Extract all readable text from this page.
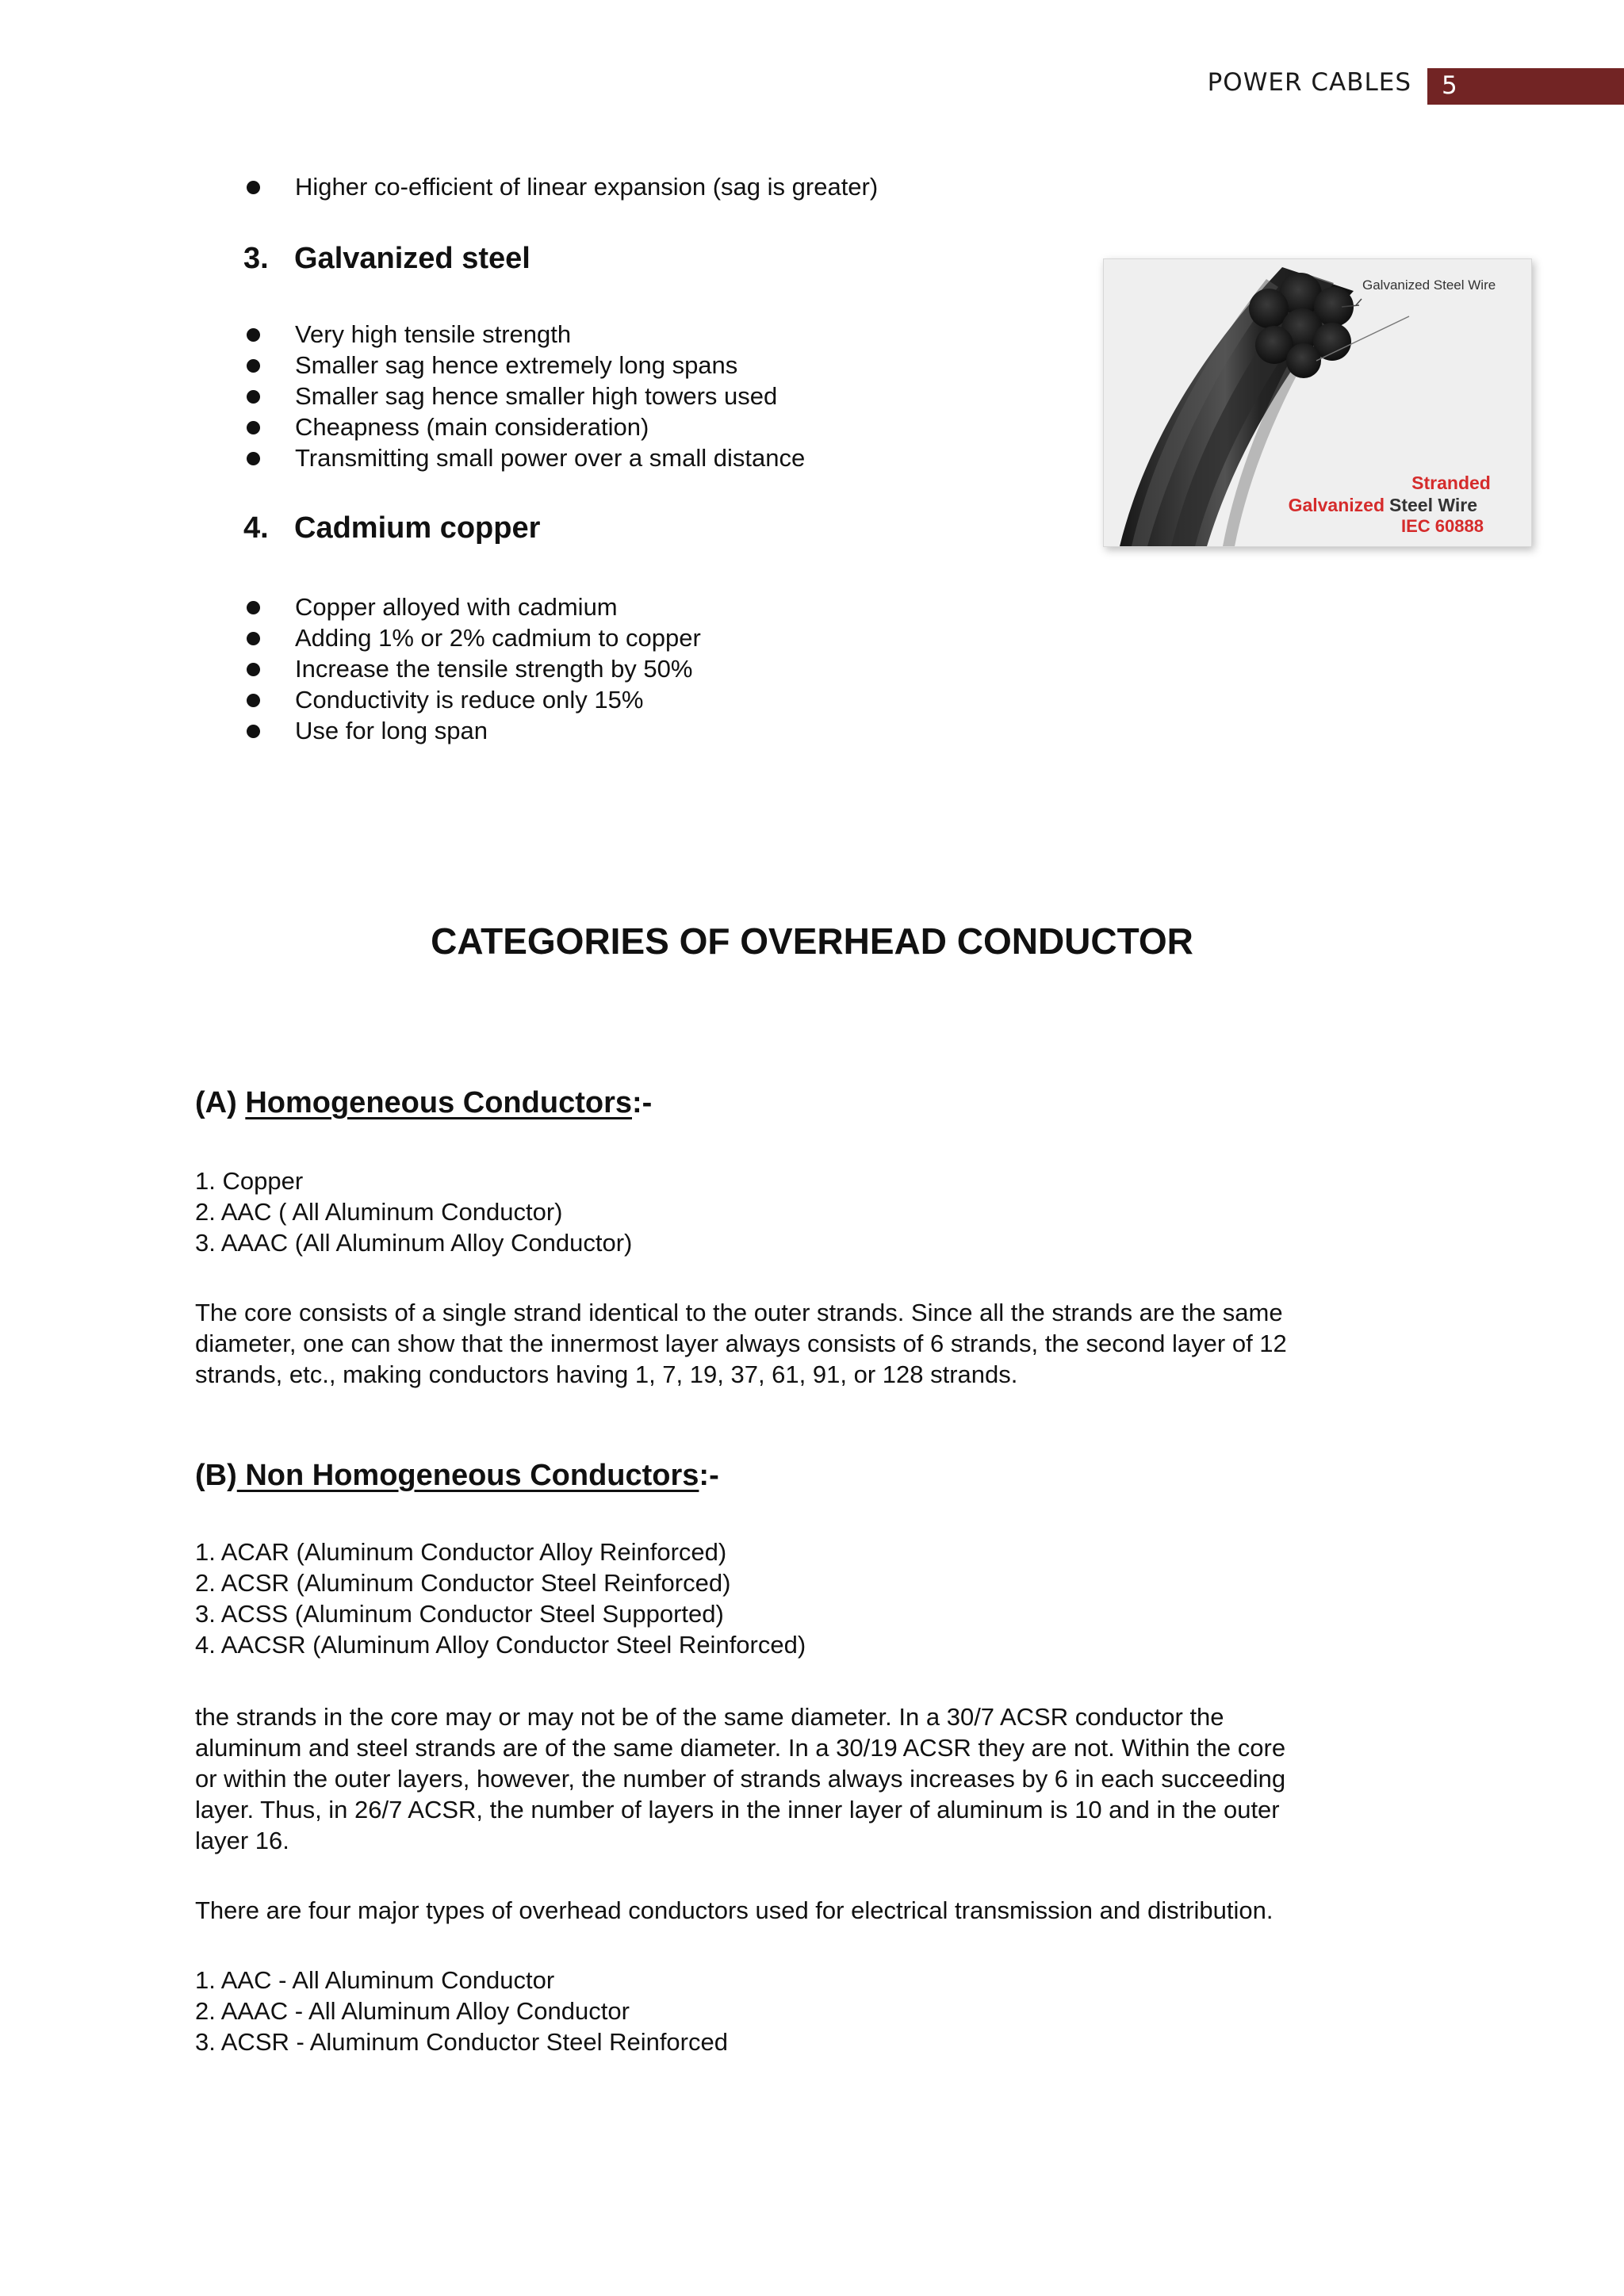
POWER CABLES 5
Higher co-efficient of linear expansion (sag is greater)
3. Galvanized steel
Very high tensile strength
Smaller sag hence extremely long spans
Smaller sag hence smaller high towers used
Cheapness (main consideration)
Transmitting small power over a small distance
4. Cadmium copper
Copper alloyed with cadmium
Adding 1% or 2% cadmium to copper
Increase the tensile strength by 50%
Conductivity is reduce only 15%
Use for long span
Galvanized Steel Wire
Stranded
Galvanized Steel Wire
IEC 60888
CATEGORIES OF OVERHEAD CONDUCTOR
(A) Homogeneous Conductors:-
1. Copper
2. AAC ( All Aluminum Conductor)
3. AAAC (All Aluminum Alloy Conductor)
The core consists of a single strand identical to the outer strands. Since all the strands are the same
diameter, one can show that the innermost layer always consists of 6 strands, the second layer of 12
strands, etc., making conductors having 1, 7, 19, 37, 61, 91, or 128 strands.
(B) Non Homogeneous Conductors:-
1. ACAR (Aluminum Conductor Alloy Reinforced)
2. ACSR (Aluminum Conductor Steel Reinforced)
3. ACSS (Aluminum Conductor Steel Supported)
4. AACSR (Aluminum Alloy Conductor Steel Reinforced)
the strands in the core may or may not be of the same diameter. In a 30/7 ACSR conductor the
aluminum and steel strands are of the same diameter. In a 30/19 ACSR they are not. Within the core
or within the outer layers, however, the number of strands always increases by 6 in each succeeding
layer. Thus, in 26/7 ACSR, the number of layers in the inner layer of aluminum is 10 and in the outer
layer 16.
There are four major types of overhead conductors used for electrical transmission and distribution.
1. AAC - All Aluminum Conductor
2. AAAC - All Aluminum Alloy Conductor
3. ACSR - Aluminum Conductor Steel Reinforced
